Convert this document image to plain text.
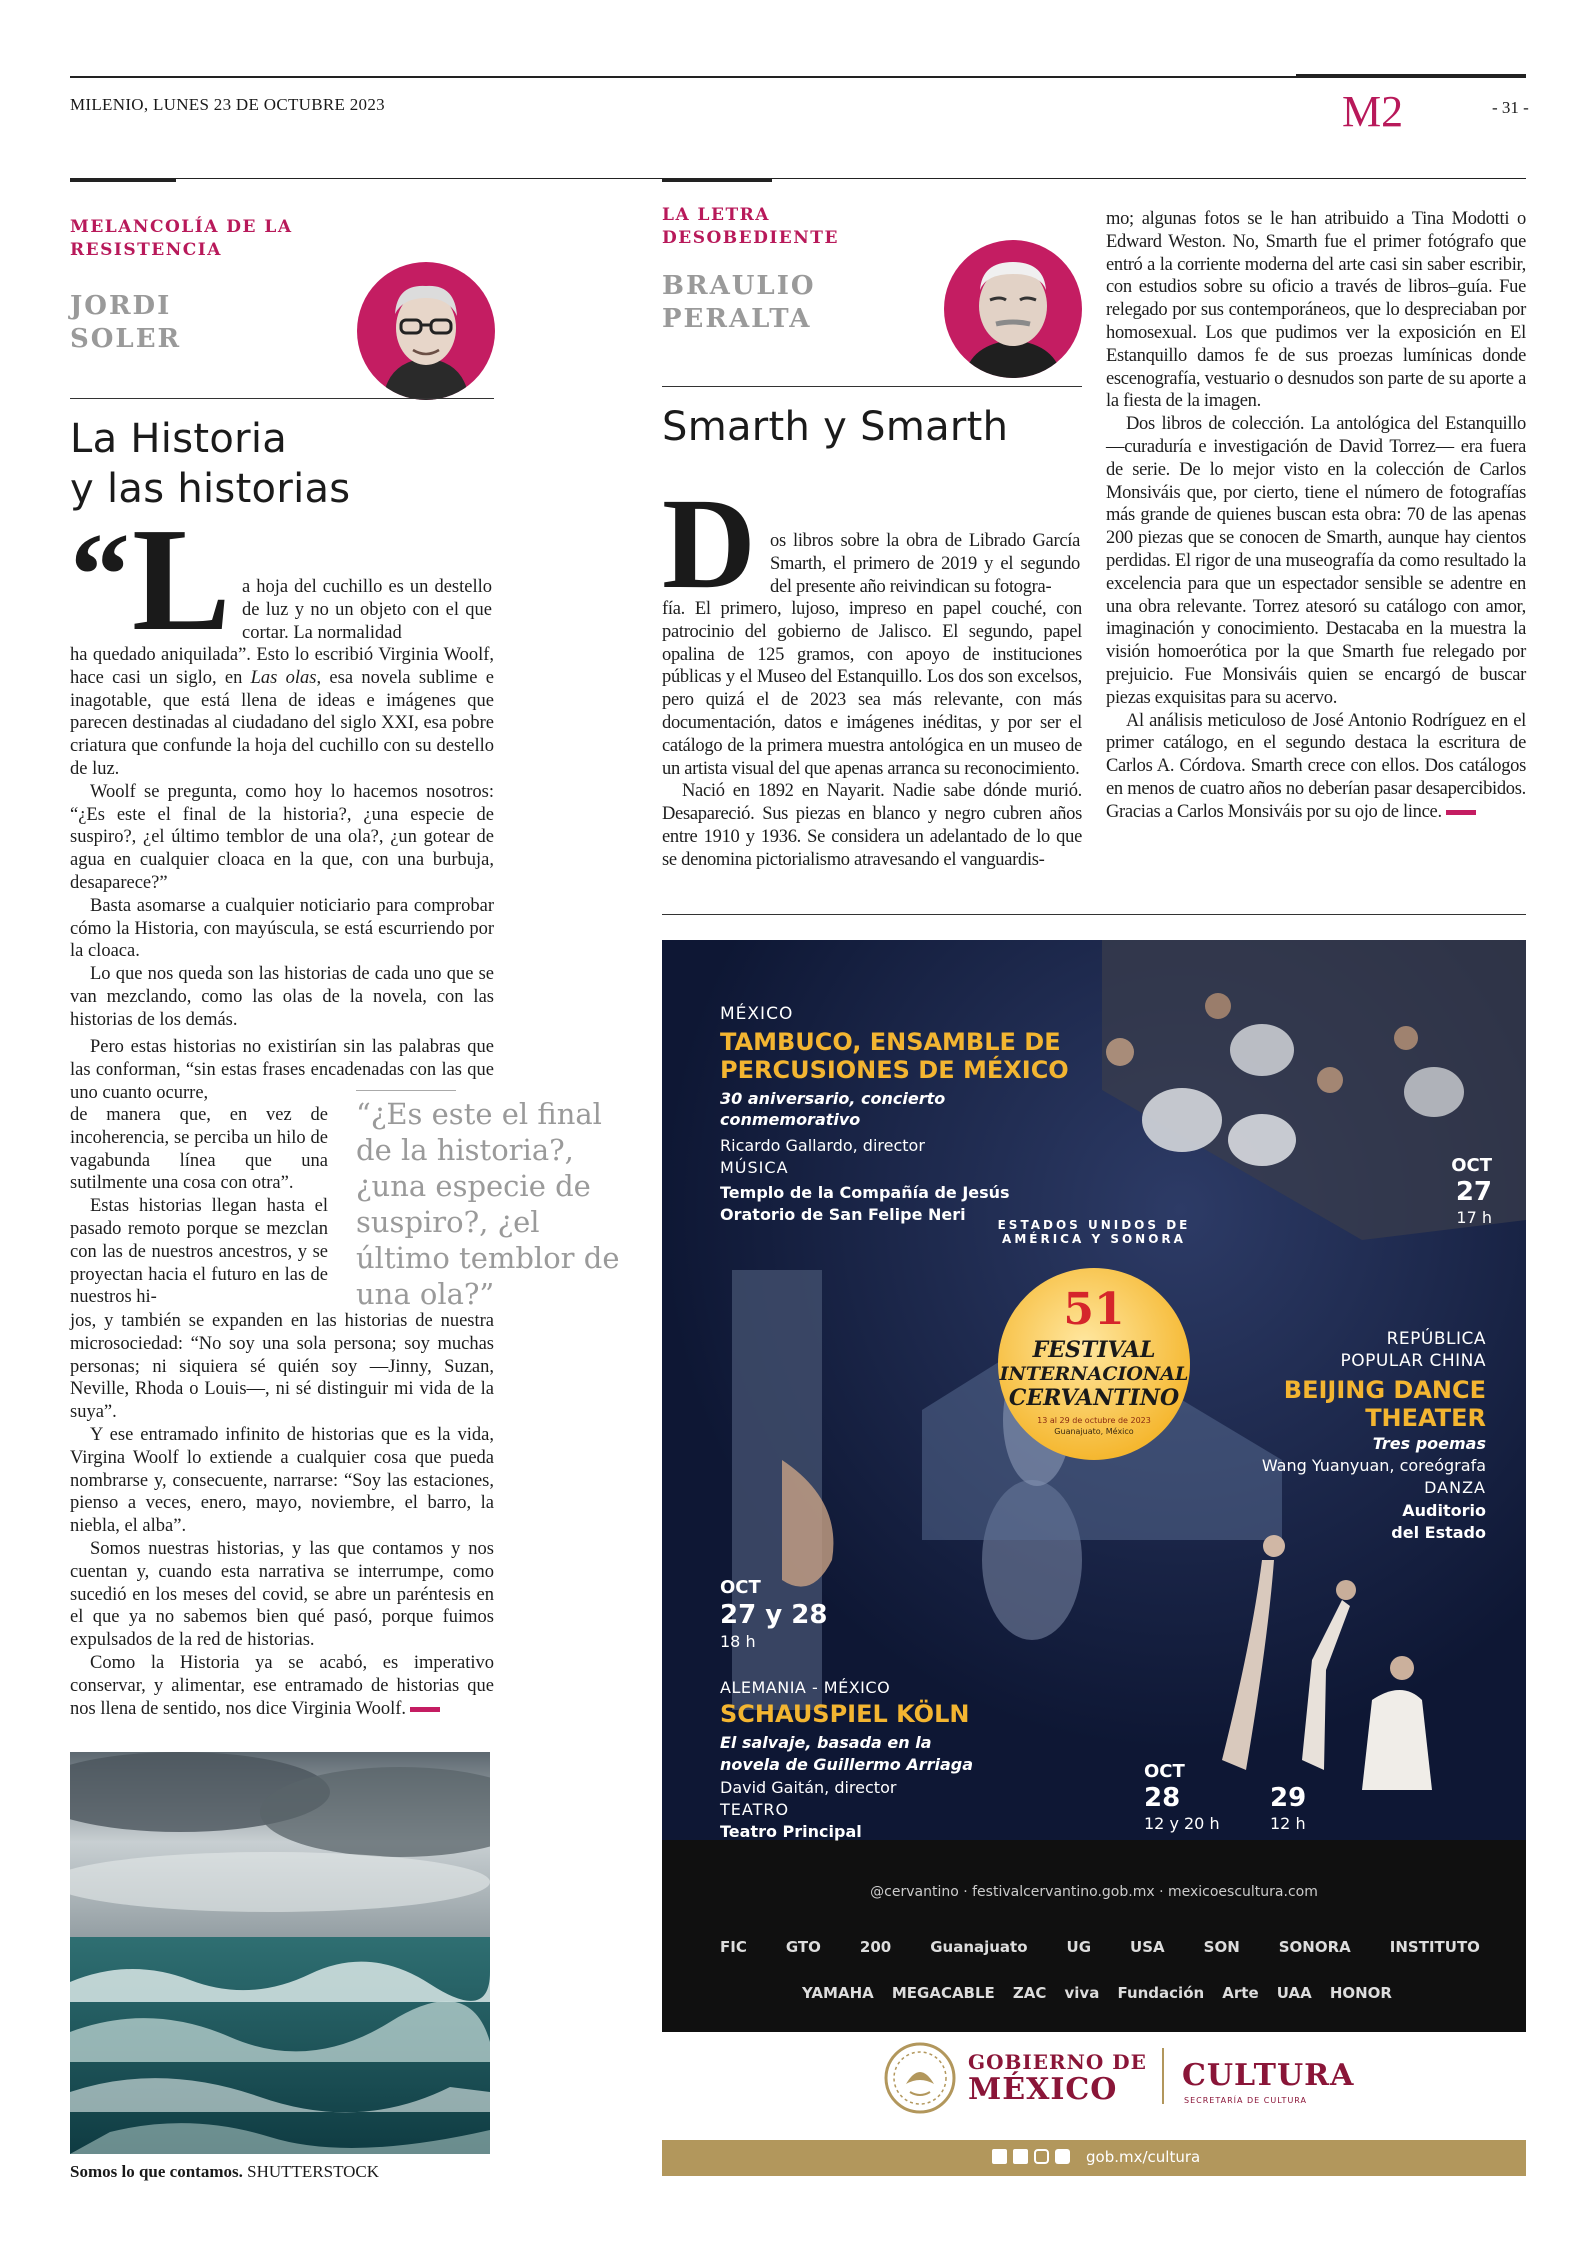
MILENIO, LUNES 23 DE OCTUBRE 2023	M2	- 31 -
MELANCOLÍA DE LA
RESISTENCIA
JORDI
SOLER
La Historia
y las historias
“ L a hoja del cuchillo es un destello de luz y no un objeto con el que cortar. La normalidad

ha quedado aniquilada”. Esto lo escribió Virginia Woolf, hace casi un siglo, en Las olas, esa novela sublime e inagotable, que está llena de ideas e imágenes que parecen destinadas al ciudadano del siglo XXI, esa pobre criatura que confunde la hoja del cuchillo con su destello de luz.

Woolf se pregunta, como hoy lo hacemos nosotros: “¿Es este el final de la historia?, ¿una especie de suspiro?, ¿el último temblor de una ola?, ¿un gotear de agua en cualquier cloaca en la que, con una burbuja, desaparece?”

Basta asomarse a cualquier noticiario para comprobar cómo la Historia, con mayúscula, se está escurriendo por la cloaca.

Lo que nos queda son las historias de cada uno que se van mezclando, como las olas de la novela, con las historias de los demás.

Pero estas historias no existirían sin las palabras que las conforman, “sin estas frases encadenadas con las que uno cuanto ocurre,

de manera que, en vez de incoherencia, se perciba un hilo de vagabunda línea que una sutilmente una cosa con otra”.

Estas historias llegan hasta el pasado remoto porque se mezclan con las de nuestros ancestros, y se proyectan hacia el futuro en las de nuestros hi-

jos, y también se expanden en las historias de nuestra microsociedad: “No soy una sola persona; soy muchas personas; ni siquiera sé quién soy —Jinny, Suzan, Neville, Rhoda o Louis—, ni sé distinguir mi vida de la suya”.

Y ese entramado infinito de historias que es la vida, Virgina Woolf lo extiende a cualquier cosa que pueda nombrarse y, consecuente, narrarse: “Soy las estaciones, pienso a veces, enero, mayo, noviembre, el barro, la niebla, el alba”.

Somos nuestras historias, y las que contamos y nos cuentan y, cuando esta narrativa se interrumpe, como sucedió en los meses del covid, se abre un paréntesis en el que ya no sabemos bien qué pasó, porque fuimos expulsados de la red de historias.

Como la Historia ya se acabó, es imperativo conservar, y alimentar, ese entramado de historias que nos llena de sentido, nos dice Virginia Woolf.

“¿Es este el final de la historia?, ¿una especie de suspiro?, ¿el último temblor de una ola?”
Somos lo que contamos. SHUTTERSTOCK
LA LETRA
DESOBEDIENTE
BRAULIO
PERALTA
Smarth y Smarth
D os libros sobre la obra de Librado García Smarth, el primero de 2019 y el segundo del presente año reivindican su fotogra-

fía. El primero, lujoso, impreso en papel couché, con patrocinio del gobierno de Jalisco. El segundo, papel opalina de 125 gramos, con apoyo de instituciones públicas y el Museo del Estanquillo. Los dos son excelsos, pero quizá el de 2023 sea más relevante, con más documentación, datos e imágenes inéditas, y por ser el catálogo de la primera muestra antológica en un museo de un artista visual del que apenas arranca su reconocimiento.

Nació en 1892 en Nayarit. Nadie sabe dónde murió. Desapareció. Sus piezas en blanco y negro cubren años entre 1910 y 1936. Se considera un adelantado de lo que se denomina pictorialismo atravesando el vanguardis-

mo; algunas fotos se le han atribuido a Tina Modotti o Edward Weston. No, Smarth fue el primer fotógrafo que entró a la corriente moderna del arte casi sin saber escribir, con estudios sobre su oficio a través de libros–guía. Fue relegado por sus contemporáneos, que lo despreciaban por homosexual. Los que pudimos ver la exposición en El Estanquillo damos fe de sus proezas lumínicas donde escenografía, vestuario o desnudos son parte de su aporte a la fiesta de la imagen.

Dos libros de colección. La antológica del Estanquillo —curaduría e investigación de David Torrez— era fuera de serie. De lo mejor visto en la colección de Carlos Monsiváis que, por cierto, tiene el número de fotografías más grande de quienes buscan esta obra: 70 de las apenas 200 piezas que se conocen de Smarth, aunque hay cientos perdidas. El rigor de una museografía da como resultado la excelencia para que un espectador sensible se adentre en una obra relevante. Torrez atesoró su catálogo con amor, imaginación y conocimiento. Destacaba en la muestra la visión homoerótica por la que Smarth fue relegado por prejuicio. Fue Monsiváis quien se encargó de buscar piezas exquisitas para su acervo.

Al análisis meticuloso de José Antonio Rodríguez en el primer catálogo, en el segundo destaca la escritura de Carlos A. Córdova. Smarth crece con ellos. Dos catálogos en menos de cuatro años no deberían pasar desapercibidos. Gracias a Carlos Monsiváis por su ojo de lince.

MÉXICO
TAMBUCO, ENSAMBLE DE
PERCUSIONES DE MÉXICO
30 aniversario, concierto
conmemorativo
Ricardo Gallardo, director
MÚSICA
Templo de la Compañía de Jesús
Oratorio de San Felipe Neri
OCT
27
17 h
ESTADOS UNIDOS DE AMÉRICA Y SONORA
51
FESTIVAL
INTERNACIONAL
CERVANTINO
13 al 29 de octubre de 2023
Guanajuato, México
REPÚBLICA
POPULAR CHINA
BEIJING DANCE
THEATER
Tres poemas
Wang Yuanyuan, coreógrafa
DANZA
Auditorio
del Estado
OCT
27 y 28
18 h
ALEMANIA - MÉXICO
SCHAUSPIEL KÖLN
El salvaje, basada en la
novela de Guillermo Arriaga
David Gaitán, director
TEATRO
Teatro Principal
OCT
28
12 y 20 h
29
12 h
@cervantino · festivalcervantino.gob.mx · mexicoescultura.com
FIC	GTO	200	Guanajuato	UG	USA	SON	SONORA	INSTITUTO
YAMAHA MEGACABLE ZAC viva Fundación Arte UAA HONOR
GOBIERNO DE
MÉXICO	CULTURA
SECRETARÍA DE CULTURA
gob.mx/cultura
